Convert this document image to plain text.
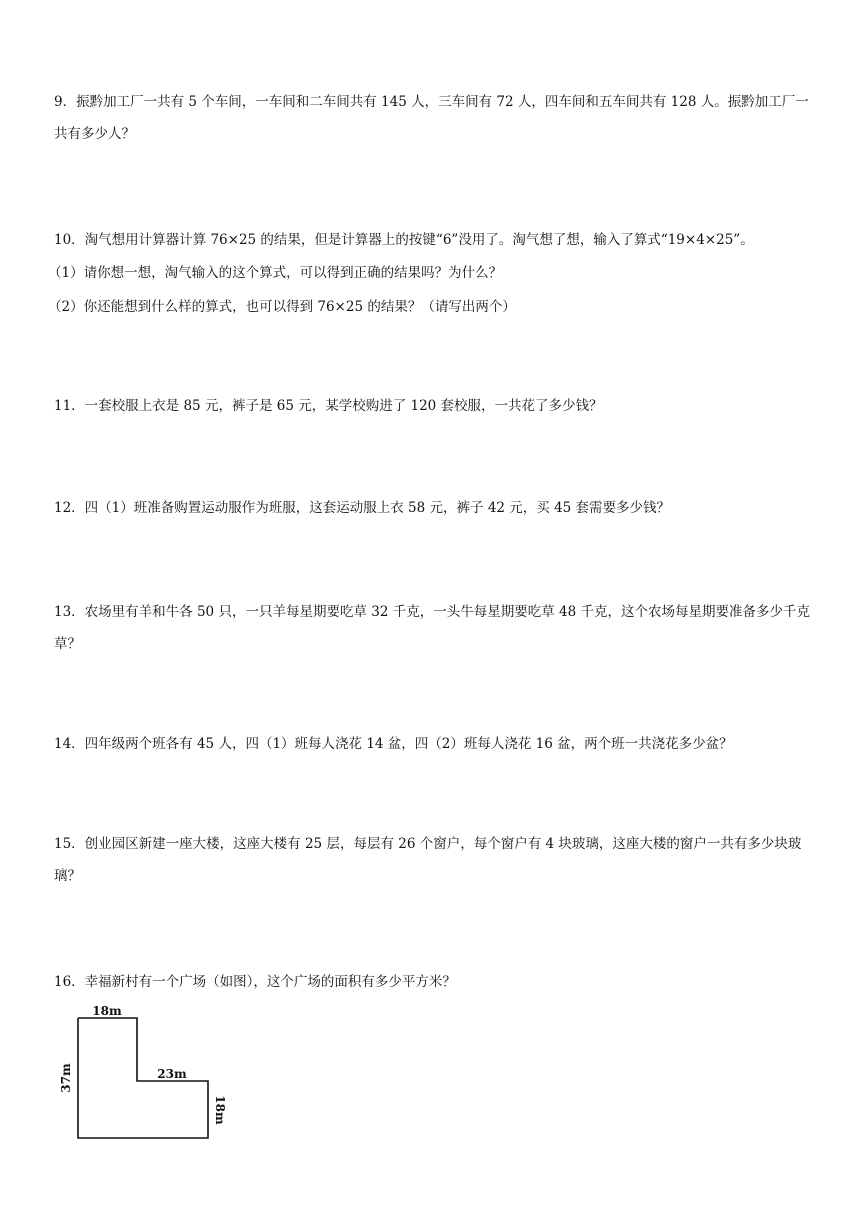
9．振黔加工厂一共有 5 个车间，一车间和二车间共有 145 人，三车间有 72 人，四车间和五车间共有 128 人。振黔加工厂一共有多少人？

10．淘气想用计算器计算 76×25 的结果，但是计算器上的按键“6”没用了。淘气想了想，输入了算式“19×4×25”。

（1）请你想一想，淘气输入的这个算式，可以得到正确的结果吗？为什么？
（2）你还能想到什么样的算式，也可以得到 76×25 的结果？（请写出两个）

11．一套校服上衣是 85 元，裤子是 65 元，某学校购进了 120 套校服，一共花了多少钱？

12．四（1）班准备购置运动服作为班服，这套运动服上衣 58 元，裤子 42 元，买 45 套需要多少钱？

13．农场里有羊和牛各 50 只，一只羊每星期要吃草 32 千克，一头牛每星期要吃草 48 千克，这个农场每星期要准备多少千克草？

14．四年级两个班各有 45 人，四（1）班每人浇花 14 盆，四（2）班每人浇花 16 盆，两个班一共浇花多少盆？

15．创业园区新建一座大楼，这座大楼有 25 层，每层有 26 个窗户，每个窗户有 4 块玻璃，这座大楼的窗户一共有多少块玻璃？

16．幸福新村有一个广场（如图），这个广场的面积有多少平方米？

18m
23m
37m
18m
